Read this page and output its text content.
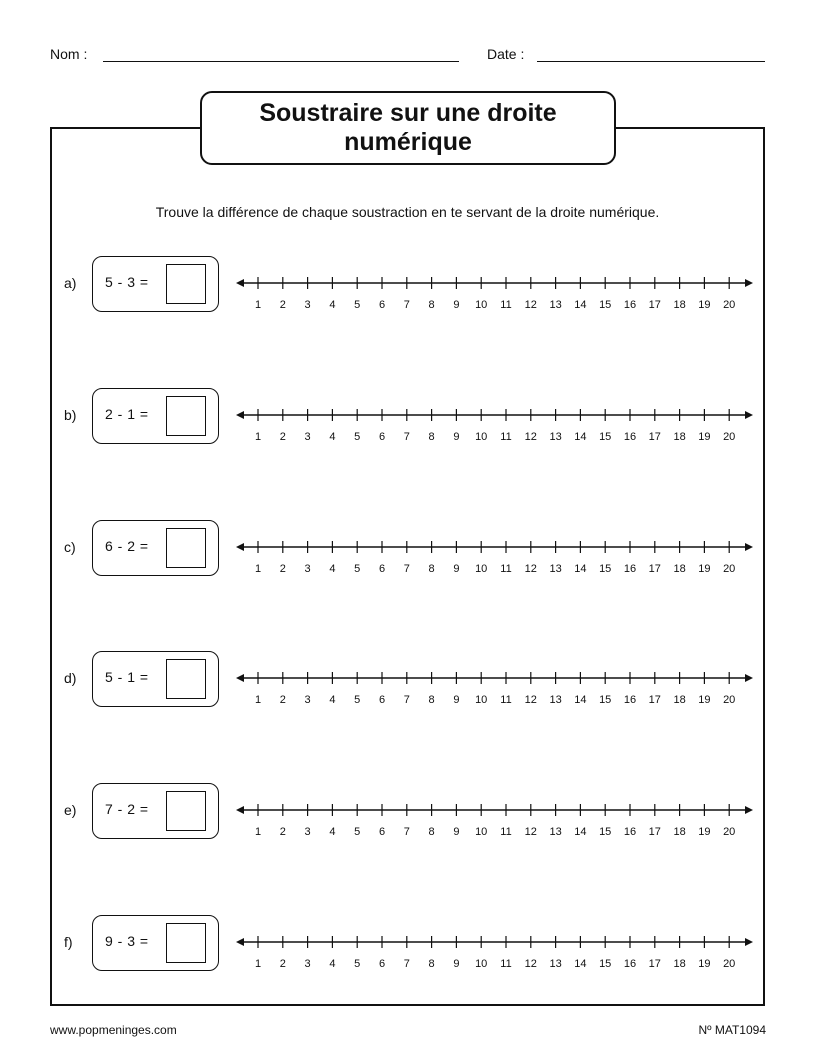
Nom :	Date :
Soustraire sur une droite numérique
Trouve la différence de chaque soustraction en te servant de la droite numérique.
a) 5 - 3 =
1 2 3 4 5 6 7 8 9 10 11 12 13 14 15 16 17 18 19 20
b) 2 - 1 =
1 2 3 4 5 6 7 8 9 10 11 12 13 14 15 16 17 18 19 20
c) 6 - 2 =
1 2 3 4 5 6 7 8 9 10 11 12 13 14 15 16 17 18 19 20
d) 5 - 1 =
1 2 3 4 5 6 7 8 9 10 11 12 13 14 15 16 17 18 19 20
e) 7 - 2 =
1 2 3 4 5 6 7 8 9 10 11 12 13 14 15 16 17 18 19 20
f) 9 - 3 =
1 2 3 4 5 6 7 8 9 10 11 12 13 14 15 16 17 18 19 20
www.popmeninges.com	Nº MAT1094
